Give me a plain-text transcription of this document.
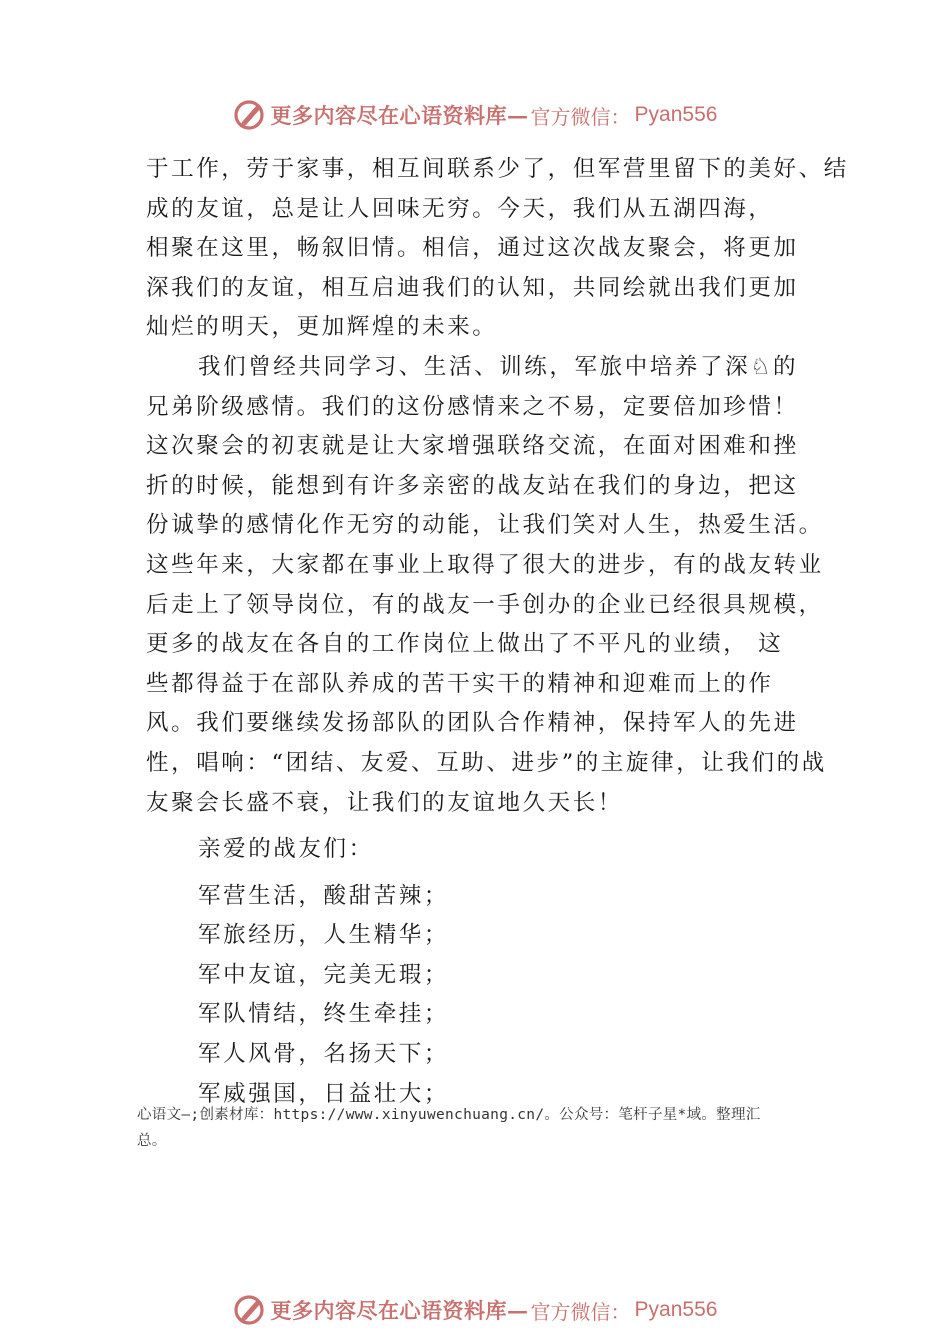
更多内容尽在心语资料库— 官方微信： Pyan556
于工作，劳于家事，相互间联系少了，但军营里留下的美好、结
成的友谊，总是让人回味无穷。今天，我们从五湖四海，
相聚在这里，畅叙旧情。相信，通过这次战友聚会，将更加
深我们的友谊，相互启迪我们的认知，共同绘就出我们更加
灿烂的明天，更加辉煌的未来。
我们曾经共同学习、生活、训练，军旅中培养了深♘的
兄弟阶级感情。我们的这份感情来之不易，定要倍加珍惜！
这次聚会的初衷就是让大家增强联络交流，在面对困难和挫
折的时候，能想到有许多亲密的战友站在我们的身边，把这
份诚挚的感情化作无穷的动能，让我们笑对人生，热爱生活。
这些年来，大家都在事业上取得了很大的进步，有的战友转业
后走上了领导岗位，有的战友一手创办的企业已经很具规模，
更多的战友在各自的工作岗位上做出了不平凡的业绩， 这
些都得益于在部队养成的苦干实干的精神和迎难而上的作
风。我们要继续发扬部队的团队合作精神，保持军人的先进
性，唱响：“团结、友爱、互助、进步”的主旋律，让我们的战
友聚会长盛不衰，让我们的友谊地久天长！
亲爱的战友们：
军营生活，酸甜苦辣；
军旅经历，人生精华；
军中友谊，完美无瑕；
军队情结，终生牵挂；
军人风骨，名扬天下；
军威强国，日益壮大；
心语文—;创素材库：https://www.xinyuwenchuang.cn/。公众号：笔杆子星*域。整理汇
总。
更多内容尽在心语资料库— 官方微信： Pyan556
